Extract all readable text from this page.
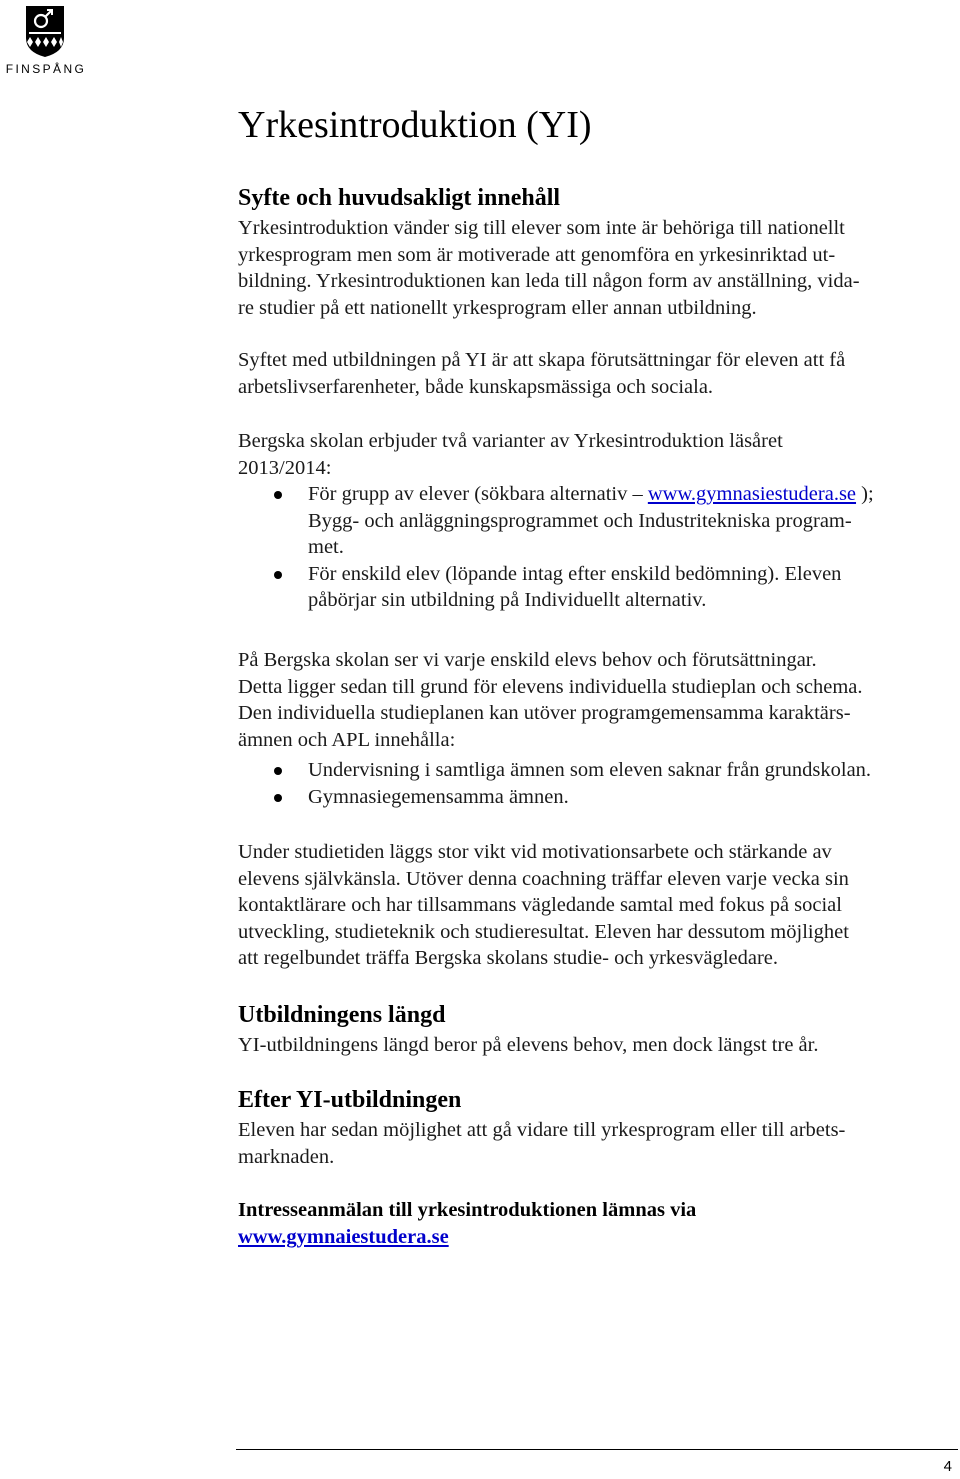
FINSPÅNG
Yrkesintroduktion (YI)
Syfte och huvudsakligt innehåll

Yrkesintroduktion vänder sig till elever som inte är behöriga till nationellt
yrkesprogram men som är motiverade att genomföra en yrkesinriktad ut-
bildning. Yrkesintroduktionen kan leda till någon form av anställning, vida-
re studier på ett nationellt yrkesprogram eller annan utbildning.

Syftet med utbildningen på YI är att skapa förutsättningar för eleven att få
arbetslivserfarenheter, både kunskapsmässiga och sociala.

Bergska skolan erbjuder två varianter av Yrkesintroduktion läsåret
2013/2014:

För grupp av elever (sökbara alternativ – www.gymnasiestudera.se );
Bygg- och anläggningsprogrammet och Industritekniska program-
met.
För enskild elev (löpande intag efter enskild bedömning). Eleven
påbörjar sin utbildning på Individuellt alternativ.

På Bergska skolan ser vi varje enskild elevs behov och förutsättningar.
Detta ligger sedan till grund för elevens individuella studieplan och schema.
Den individuella studieplanen kan utöver programgemensamma karaktärs-
ämnen och APL innehålla:

Undervisning i samtliga ämnen som eleven saknar från grundskolan.
Gymnasiegemensamma ämnen.

Under studietiden läggs stor vikt vid motivationsarbete och stärkande av
elevens självkänsla. Utöver denna coachning träffar eleven varje vecka sin
kontaktlärare och har tillsammans vägledande samtal med fokus på social
utveckling, studieteknik och studieresultat. Eleven har dessutom möjlighet
att regelbundet träffa Bergska skolans studie- och yrkesvägledare.

Utbildningens längd

YI-utbildningens längd beror på elevens behov, men dock längst tre år.

Efter YI-utbildningen

Eleven har sedan möjlighet att gå vidare till yrkesprogram eller till arbets-
marknaden.

Intresseanmälan till yrkesintroduktionen lämnas via
www.gymnaiestudera.se

4
